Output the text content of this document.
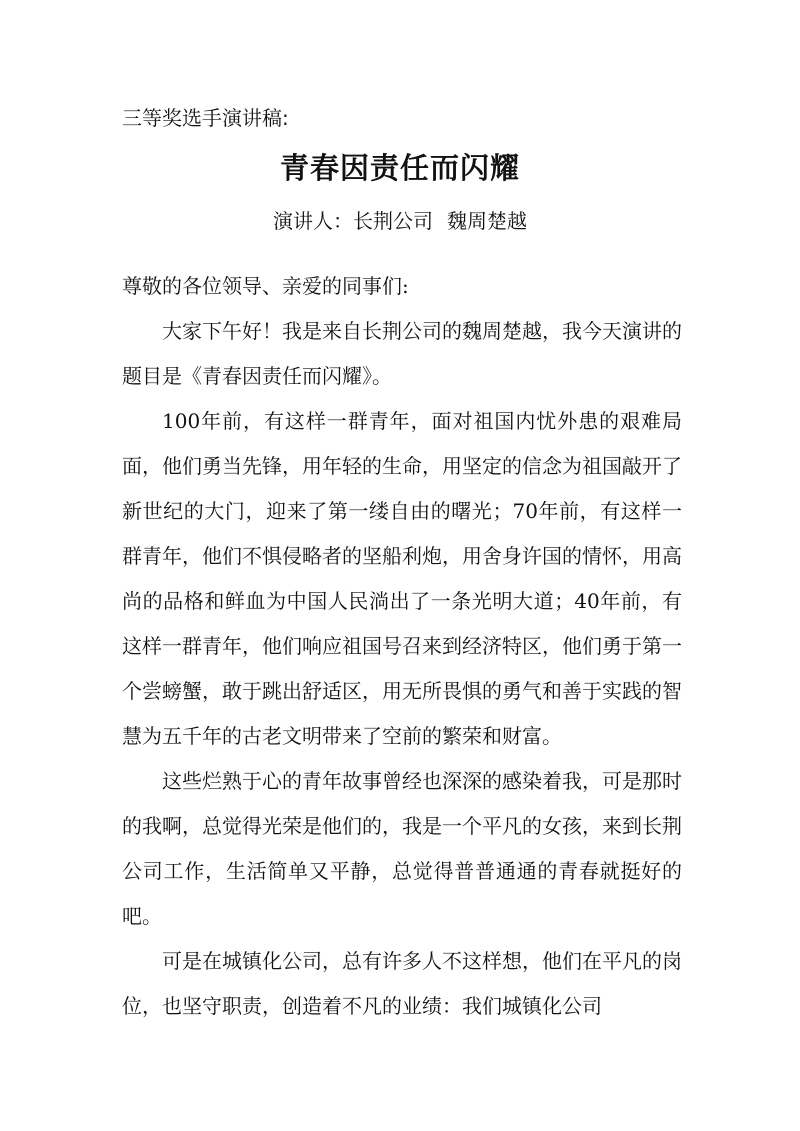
三等奖选手演讲稿:
青春因责任而闪耀
演讲人：长荆公司 魏周楚越

尊敬的各位领导、亲爱的同事们:

大家下午好！我是来自长荆公司的魏周楚越，我今天演讲的题目是《青春因责任而闪耀》。

100年前，有这样一群青年，面对祖国内忧外患的艰难局面，他们勇当先锋，用年轻的生命，用坚定的信念为祖国敲开了新世纪的大门，迎来了第一缕自由的曙光；70年前，有这样一群青年，他们不惧侵略者的坚船利炮，用舍身许国的情怀，用高尚的品格和鲜血为中国人民淌出了一条光明大道；40年前，有这样一群青年，他们响应祖国号召来到经济特区，他们勇于第一个尝螃蟹，敢于跳出舒适区，用无所畏惧的勇气和善于实践的智慧为五千年的古老文明带来了空前的繁荣和财富。

这些烂熟于心的青年故事曾经也深深的感染着我，可是那时的我啊，总觉得光荣是他们的，我是一个平凡的女孩，来到长荆公司工作，生活简单又平静，总觉得普普通通的青春就挺好的吧。

可是在城镇化公司，总有许多人不这样想，他们在平凡的岗位，也坚守职责，创造着不凡的业绩：我们城镇化公司
